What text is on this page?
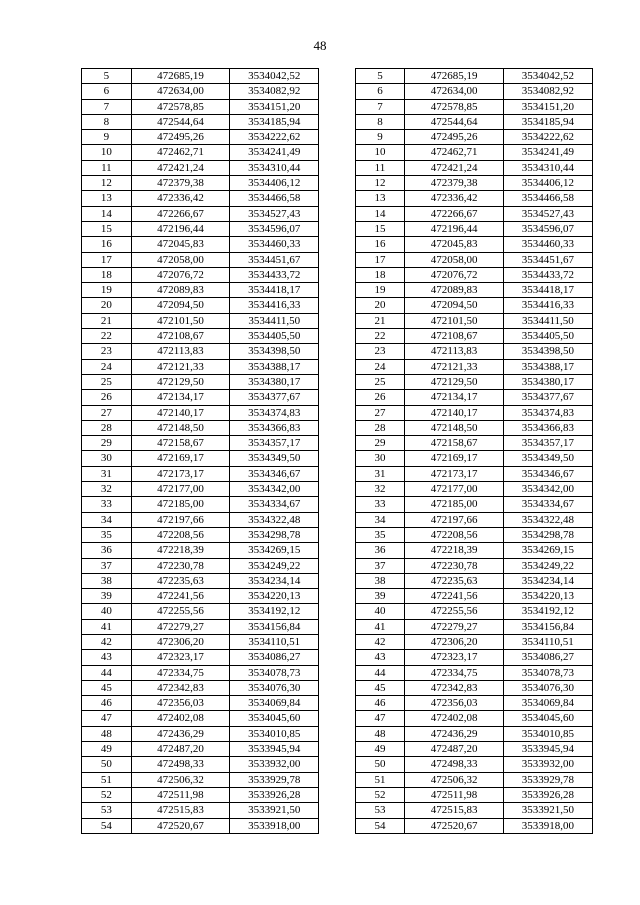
48
5	472685,19	3534042,52		5	472685,19	3534042,52
6	472634,00	3534082,92		6	472634,00	3534082,92
7	472578,85	3534151,20		7	472578,85	3534151,20
8	472544,64	3534185,94		8	472544,64	3534185,94
9	472495,26	3534222,62		9	472495,26	3534222,62
10	472462,71	3534241,49		10	472462,71	3534241,49
11	472421,24	3534310,44		11	472421,24	3534310,44
12	472379,38	3534406,12		12	472379,38	3534406,12
13	472336,42	3534466,58		13	472336,42	3534466,58
14	472266,67	3534527,43		14	472266,67	3534527,43
15	472196,44	3534596,07		15	472196,44	3534596,07
16	472045,83	3534460,33		16	472045,83	3534460,33
17	472058,00	3534451,67		17	472058,00	3534451,67
18	472076,72	3534433,72		18	472076,72	3534433,72
19	472089,83	3534418,17		19	472089,83	3534418,17
20	472094,50	3534416,33		20	472094,50	3534416,33
21	472101,50	3534411,50		21	472101,50	3534411,50
22	472108,67	3534405,50		22	472108,67	3534405,50
23	472113,83	3534398,50		23	472113,83	3534398,50
24	472121,33	3534388,17		24	472121,33	3534388,17
25	472129,50	3534380,17		25	472129,50	3534380,17
26	472134,17	3534377,67		26	472134,17	3534377,67
27	472140,17	3534374,83		27	472140,17	3534374,83
28	472148,50	3534366,83		28	472148,50	3534366,83
29	472158,67	3534357,17		29	472158,67	3534357,17
30	472169,17	3534349,50		30	472169,17	3534349,50
31	472173,17	3534346,67		31	472173,17	3534346,67
32	472177,00	3534342,00		32	472177,00	3534342,00
33	472185,00	3534334,67		33	472185,00	3534334,67
34	472197,66	3534322,48		34	472197,66	3534322,48
35	472208,56	3534298,78		35	472208,56	3534298,78
36	472218,39	3534269,15		36	472218,39	3534269,15
37	472230,78	3534249,22		37	472230,78	3534249,22
38	472235,63	3534234,14		38	472235,63	3534234,14
39	472241,56	3534220,13		39	472241,56	3534220,13
40	472255,56	3534192,12		40	472255,56	3534192,12
41	472279,27	3534156,84		41	472279,27	3534156,84
42	472306,20	3534110,51		42	472306,20	3534110,51
43	472323,17	3534086,27		43	472323,17	3534086,27
44	472334,75	3534078,73		44	472334,75	3534078,73
45	472342,83	3534076,30		45	472342,83	3534076,30
46	472356,03	3534069,84		46	472356,03	3534069,84
47	472402,08	3534045,60		47	472402,08	3534045,60
48	472436,29	3534010,85		48	472436,29	3534010,85
49	472487,20	3533945,94		49	472487,20	3533945,94
50	472498,33	3533932,00		50	472498,33	3533932,00
51	472506,32	3533929,78		51	472506,32	3533929,78
52	472511,98	3533926,28		52	472511,98	3533926,28
53	472515,83	3533921,50		53	472515,83	3533921,50
54	472520,67	3533918,00		54	472520,67	3533918,00
